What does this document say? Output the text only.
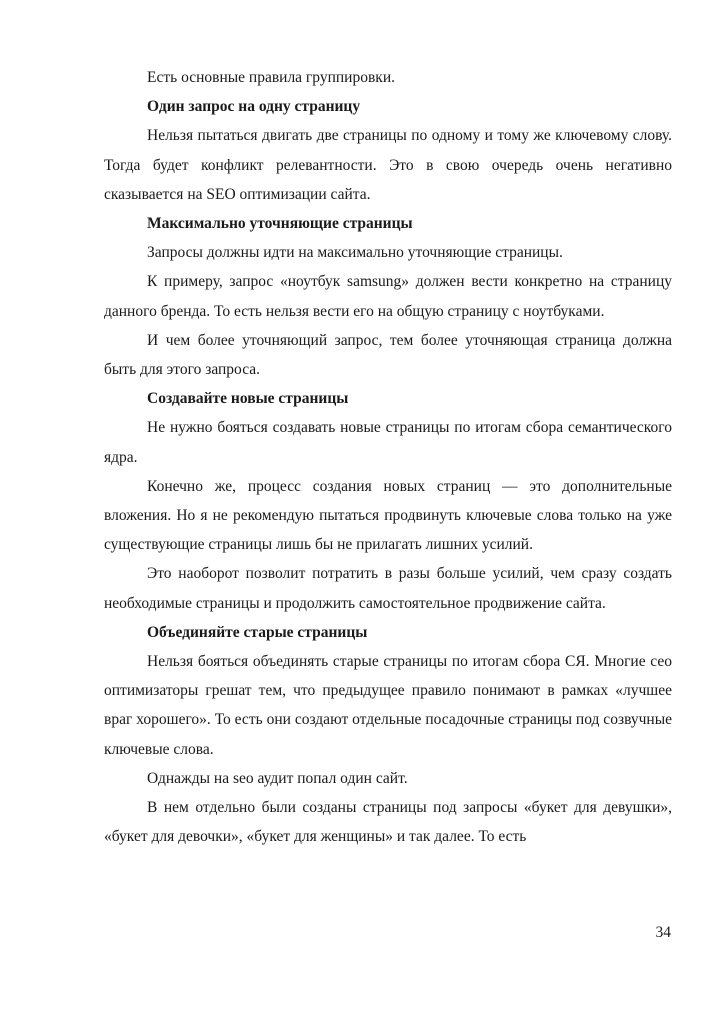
Есть основные правила группировки.

Один запрос на одну страницу

Нельзя пытаться двигать две страницы по одному и тому же ключевому слову. Тогда будет конфликт релевантности. Это в свою очередь очень негативно сказывается на SEO оптимизации сайта.

Максимально уточняющие страницы

Запросы должны идти на максимально уточняющие страницы.

К примеру, запрос «ноутбук samsung» должен вести конкретно на страницу данного бренда. То есть нельзя вести его на общую страницу с ноутбуками.

И чем более уточняющий запрос, тем более уточняющая страница должна быть для этого запроса.

Создавайте новые страницы

Не нужно бояться создавать новые страницы по итогам сбора семантического ядра.

Конечно же, процесс создания новых страниц — это дополнительные вложения. Но я не рекомендую пытаться продвинуть ключевые слова только на уже существующие страницы лишь бы не прилагать лишних усилий.

Это наоборот позволит потратить в разы больше усилий, чем сразу создать необходимые страницы и продолжить самостоятельное продвижение сайта.

Объединяйте старые страницы

Нельзя бояться объединять старые страницы по итогам сбора СЯ. Многие сео оптимизаторы грешат тем, что предыдущее правило понимают в рамках «лучшее враг хорошего». То есть они создают отдельные посадочные страницы под созвучные ключевые слова.

Однажды на seo аудит попал один сайт.

В нем отдельно были созданы страницы под запросы «букет для девушки», «букет для девочки», «букет для женщины» и так далее. То есть

34
